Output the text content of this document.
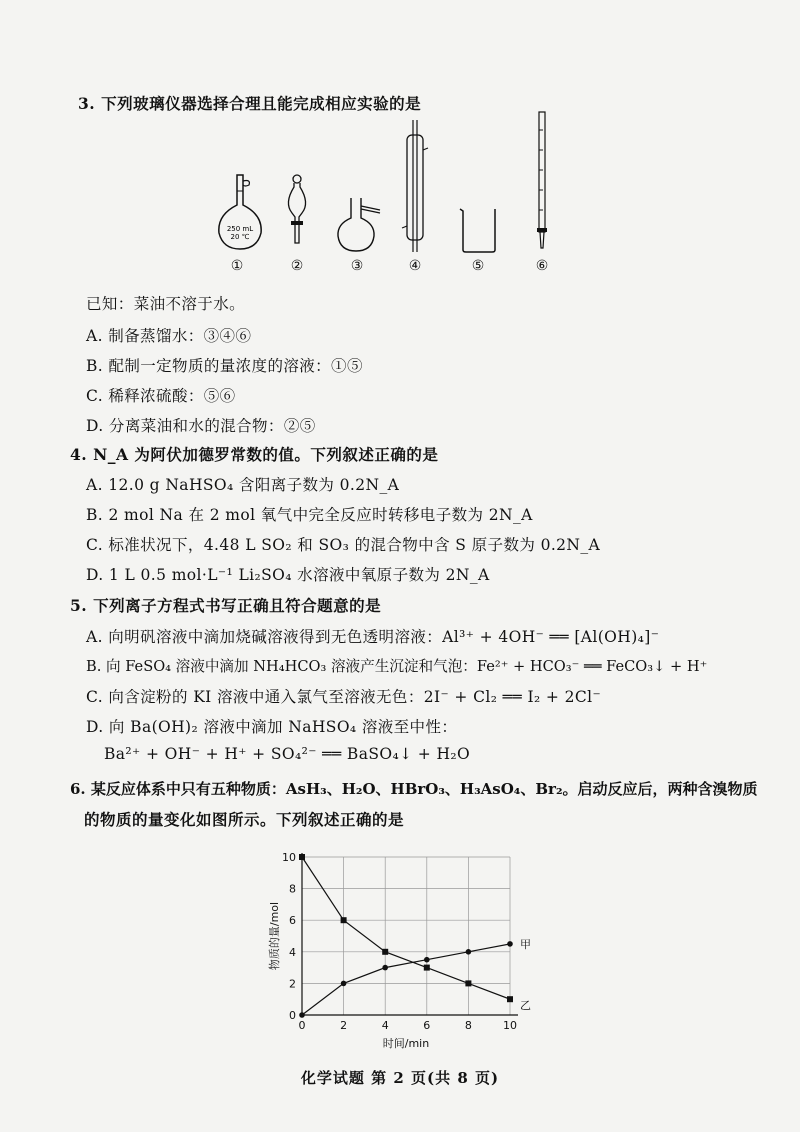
3. 下列玻璃仪器选择合理且能完成相应实验的是
250 mL
20 ℃
①	②	③	④	⑤	⑥
已知：菜油不溶于水。
A. 制备蒸馏水：③④⑥
B. 配制一定物质的量浓度的溶液：①⑤
C. 稀释浓硫酸：⑤⑥
D. 分离菜油和水的混合物：②⑤
4. N_A 为阿伏加德罗常数的值。下列叙述正确的是
A. 12.0 g NaHSO₄ 含阳离子数为 0.2N_A
B. 2 mol Na 在 2 mol 氧气中完全反应时转移电子数为 2N_A
C. 标准状况下，4.48 L SO₂ 和 SO₃ 的混合物中含 S 原子数为 0.2N_A
D. 1 L 0.5 mol·L⁻¹ Li₂SO₄ 水溶液中氧原子数为 2N_A
5. 下列离子方程式书写正确且符合题意的是
A. 向明矾溶液中滴加烧碱溶液得到无色透明溶液：Al³⁺ + 4OH⁻ ══ [Al(OH)₄]⁻
B. 向 FeSO₄ 溶液中滴加 NH₄HCO₃ 溶液产生沉淀和气泡：Fe²⁺ + HCO₃⁻ ══ FeCO₃↓ + H⁺
C. 向含淀粉的 KI 溶液中通入氯气至溶液无色：2I⁻ + Cl₂ ══ I₂ + 2Cl⁻
D. 向 Ba(OH)₂ 溶液中滴加 NaHSO₄ 溶液至中性：
Ba²⁺ + OH⁻ + H⁺ + SO₄²⁻ ══ BaSO₄↓ + H₂O
6. 某反应体系中只有五种物质：AsH₃、H₂O、HBrO₃、H₃AsO₄、Br₂。启动反应后，两种含溴物质
的物质的量变化如图所示。下列叙述正确的是
0	2	4	6	8	10
0
2
4
6
8
10
时间/min
物质的量/mol	甲
乙
化学试题 第 2 页(共 8 页)
